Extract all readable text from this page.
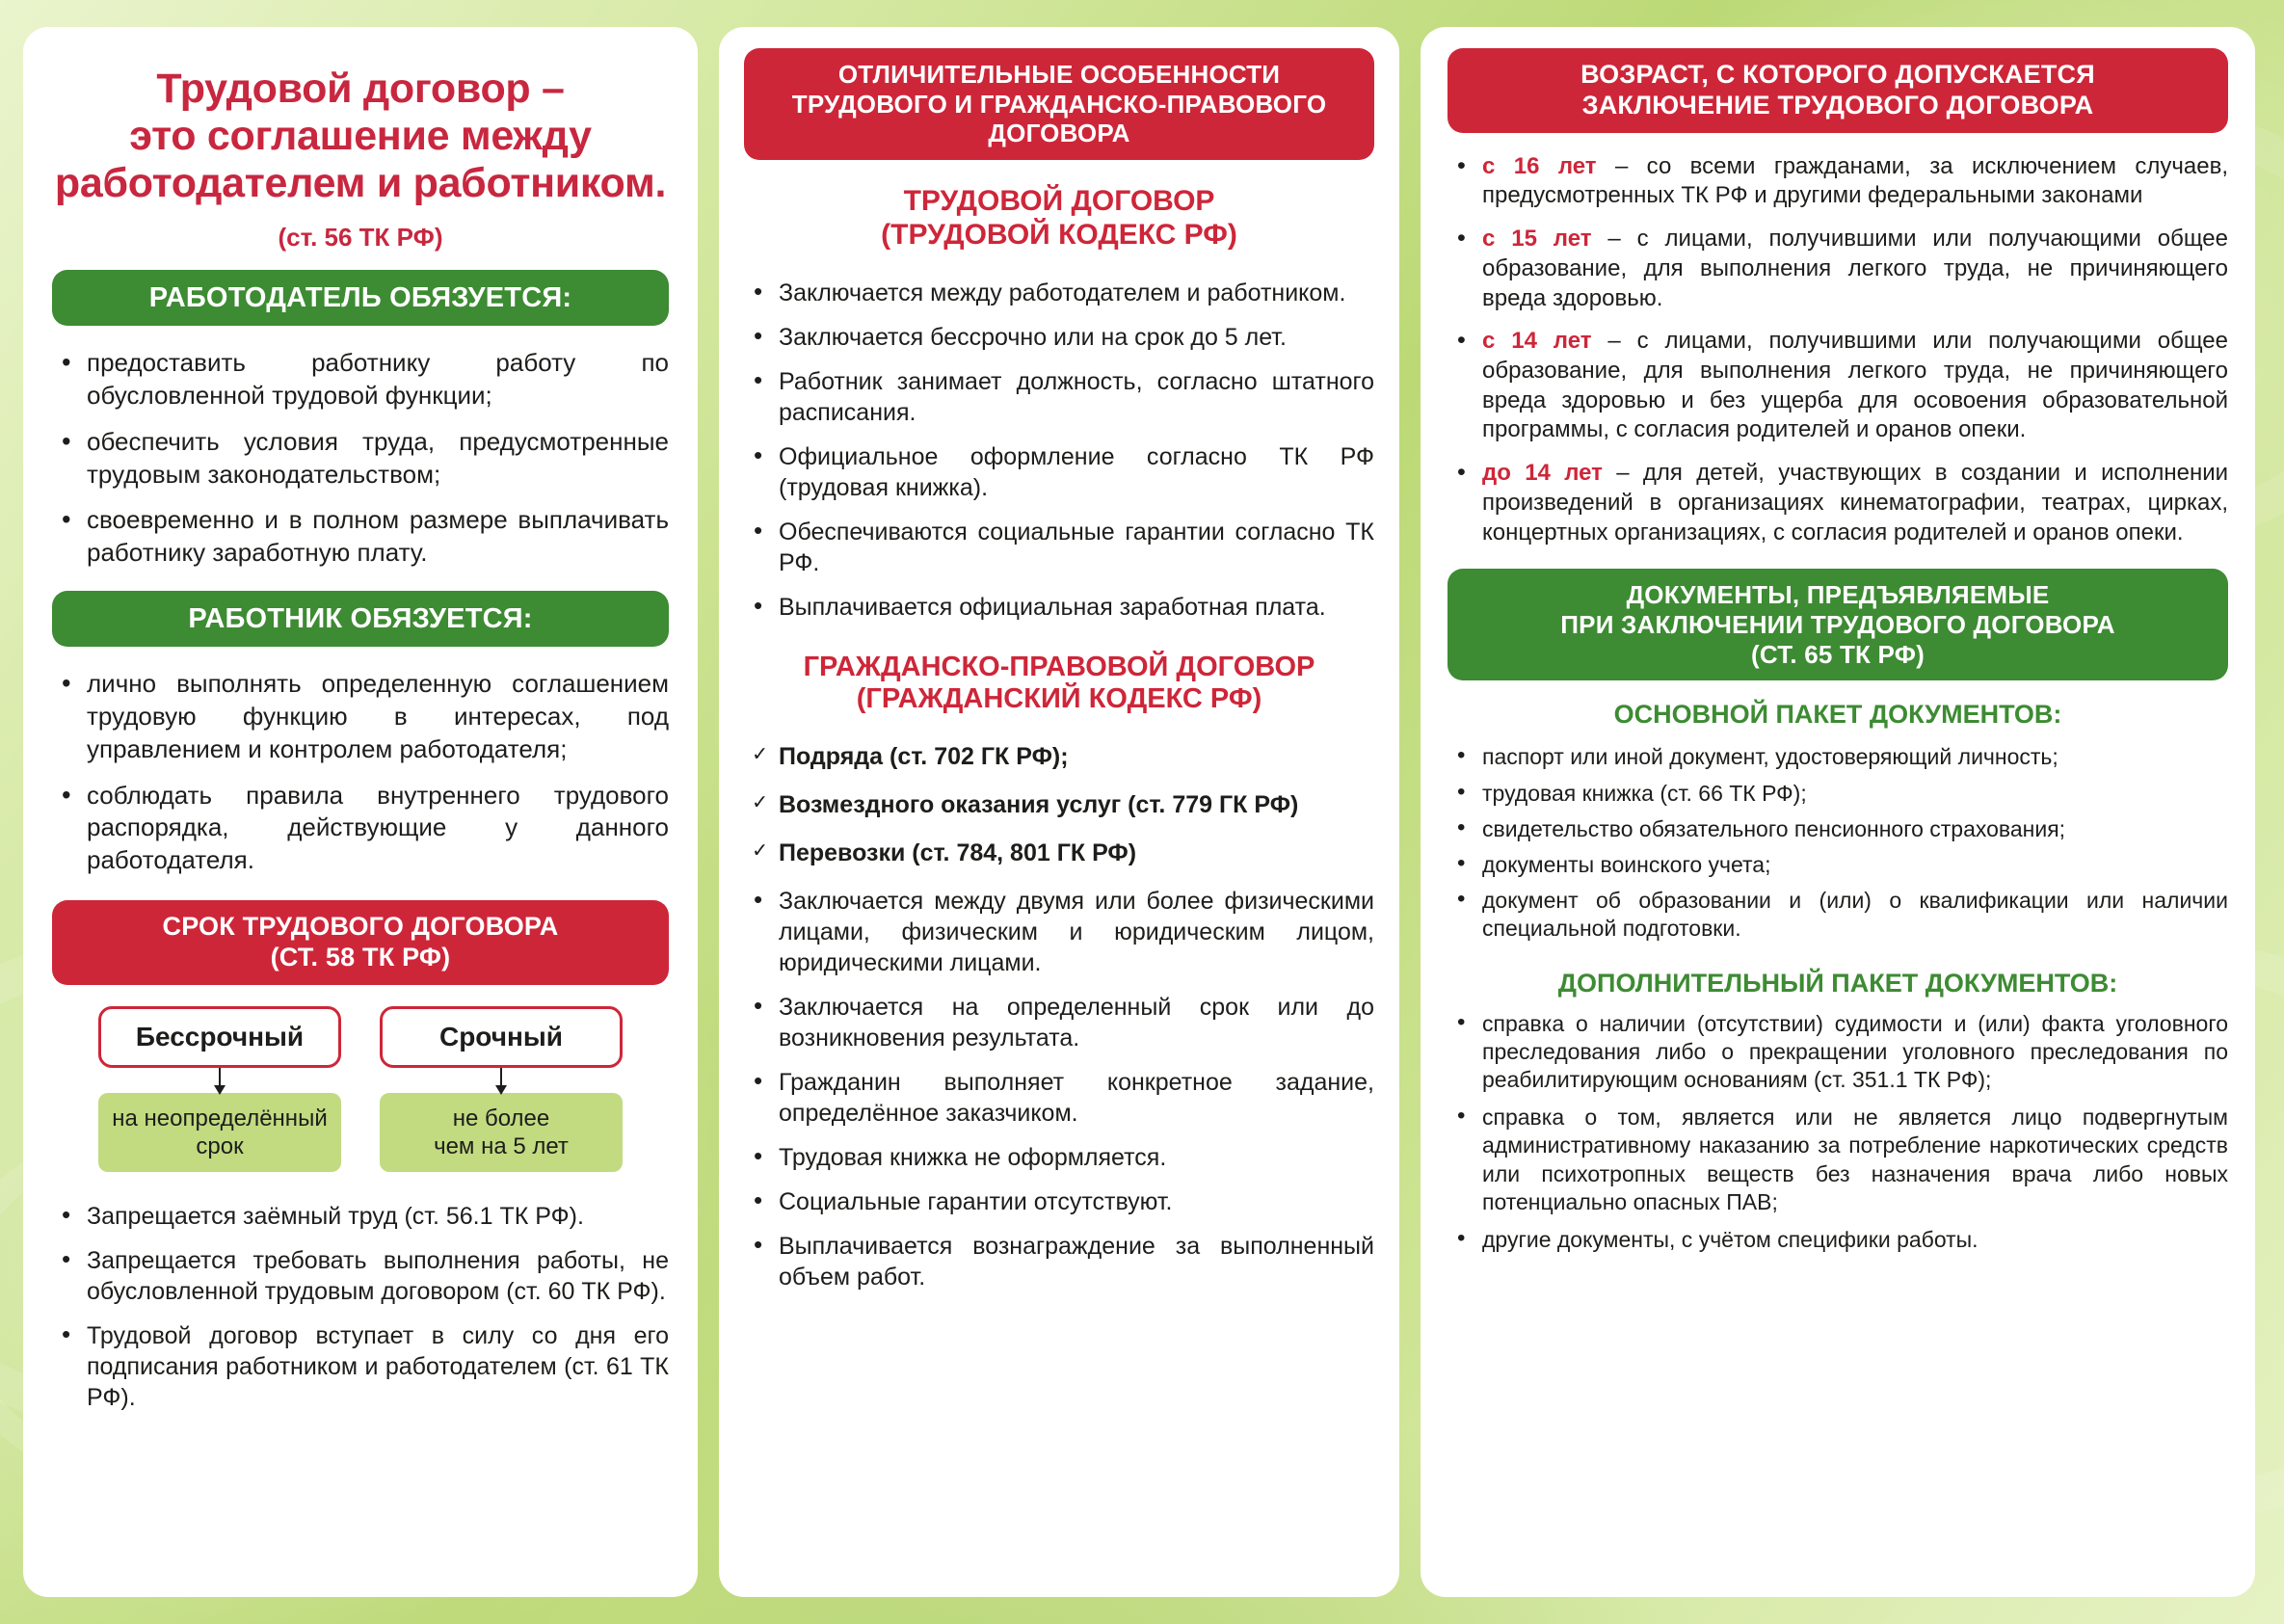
Трудовой договор –
это соглашение между
работодателем и работником.
(ст. 56 ТК РФ)
РАБОТОДАТЕЛЬ ОБЯЗУЕТСЯ:
• предоставить работнику работу по обусловленной трудовой функции;
• обеспечить условия труда, предусмотренные трудовым законодательством;
• своевременно и в полном размере выплачивать работнику заработную плату.
РАБОТНИК ОБЯЗУЕТСЯ:
• лично выполнять определенную соглашением трудовую функцию в интересах, под управлением и контролем работодателя;
• соблюдать правила внутреннего трудового распорядка, действующие у данного работодателя.
СРОК ТРУДОВОГО ДОГОВОРА
(СТ. 58 ТК РФ)
Бессрочный
на неопределённый
срок
Срочный
не более
чем на 5 лет
• Запрещается заёмный труд (ст. 56.1 ТК РФ).
• Запрещается требовать выполнения работы, не обусловленной трудовым договором (ст. 60 ТК РФ).
• Трудовой договор вступает в силу со дня его подписания работником и работодателем (ст. 61 ТК РФ).
ОТЛИЧИТЕЛЬНЫЕ ОСОБЕННОСТИ
ТРУДОВОГО И ГРАЖДАНСКО-ПРАВОВОГО
ДОГОВОРА
ТРУДОВОЙ ДОГОВОР
(ТРУДОВОЙ КОДЕКС РФ)
• Заключается между работодателем и работником.
• Заключается бессрочно или на срок до 5 лет.
• Работник занимает должность, согласно штатного расписания.
• Официальное оформление согласно ТК РФ (трудовая книжка).
• Обеспечиваются социальные гарантии согласно ТК РФ.
• Выплачивается официальная заработная плата.
ГРАЖДАНСКО-ПРАВОВОЙ ДОГОВОР
(ГРАЖДАНСКИЙ КОДЕКС РФ)
✓ Подряда (ст. 702 ГК РФ);
✓ Возмездного оказания услуг (ст. 779 ГК РФ)
✓ Перевозки (ст. 784, 801 ГК РФ)
• Заключается между двумя или более физическими лицами, физическим и юридическим лицом, юридическими лицами.
• Заключается на определенный срок или до возникновения результата.
• Гражданин выполняет конкретное задание, определённое заказчиком.
• Трудовая книжка не оформляется.
• Социальные гарантии отсутствуют.
• Выплачивается вознаграждение за выполненный объем работ.
ВОЗРАСТ, С КОТОРОГО ДОПУСКАЕТСЯ
ЗАКЛЮЧЕНИЕ ТРУДОВОГО ДОГОВОРА
• с 16 лет – со всеми гражданами, за исключением случаев, предусмотренных ТК РФ и другими федеральными законами
• с 15 лет – с лицами, получившими или получающими общее образование, для выполнения легкого труда, не причиняющего вреда здоровью.
• с 14 лет – с лицами, получившими или получающими общее образование, для выполнения легкого труда, не причиняющего вреда здоровью и без ущерба для осовоения образовательной программы, с согласия родителей и оранов опеки.
• до 14 лет – для детей, участвующих в создании и исполнении произведений в организациях кинематографии, театрах, цирках, концертных организациях, с согласия родителей и оранов опеки.
ДОКУМЕНТЫ, ПРЕДЪЯВЛЯЕМЫЕ
ПРИ ЗАКЛЮЧЕНИИ ТРУДОВОГО ДОГОВОРА
(СТ. 65 ТК РФ)
ОСНОВНОЙ ПАКЕТ ДОКУМЕНТОВ:
• паспорт или иной документ, удостоверяющий личность;
• трудовая книжка (ст. 66 ТК РФ);
• свидетельство обязательного пенсионного страхования;
• документы воинского учета;
• документ об образовании и (или) о квалификации или наличии специальной подготовки.
ДОПОЛНИТЕЛЬНЫЙ ПАКЕТ ДОКУМЕНТОВ:
• справка о наличии (отсутствии) судимости и (или) факта уголовного преследования либо о прекращении уголовного преследования по реабилитирующим основаниям (ст. 351.1 ТК РФ);
• справка о том, является или не является лицо подвергнутым административному наказанию за потребление наркотических средств или психотропных веществ без назначения врача либо новых потенциально опасных ПАВ;
• другие документы, с учётом специфики работы.
